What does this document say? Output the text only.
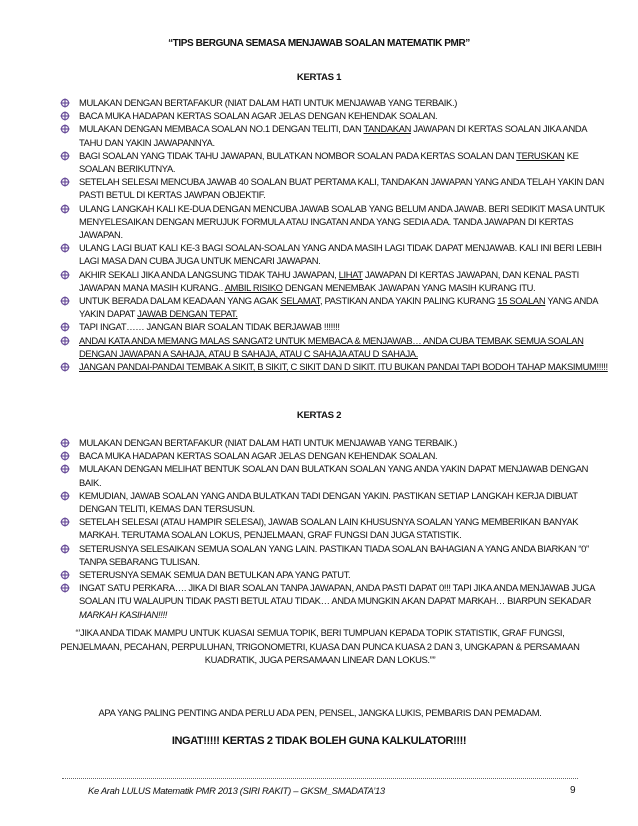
“TIPS BERGUNA SEMASA MENJAWAB SOALAN MATEMATIK PMR”
KERTAS 1
MULAKAN DENGAN BERTAFAKUR (NIAT DALAM HATI UNTUK MENJAWAB YANG TERBAIK.)
BACA MUKA HADAPAN KERTAS SOALAN AGAR JELAS DENGAN KEHENDAK SOALAN.
MULAKAN DENGAN MEMBACA SOALAN NO.1 DENGAN TELITI, DAN TANDAKAN JAWAPAN DI KERTAS SOALAN JIKA ANDA TAHU DAN YAKIN JAWAPANNYA.
BAGI SOALAN YANG TIDAK TAHU JAWAPAN, BULATKAN NOMBOR SOALAN PADA KERTAS SOALAN DAN TERUSKAN KE SOALAN BERIKUTNYA.
SETELAH SELESAI MENCUBA JAWAB 40 SOALAN BUAT PERTAMA KALI, TANDAKAN JAWAPAN YANG ANDA TELAH YAKIN DAN PASTI BETUL DI KERTAS JAWPAN OBJEKTIF.
ULANG LANGKAH KALI KE-DUA DENGAN MENCUBA JAWAB SOALAB YANG BELUM ANDA JAWAB. BERI SEDIKIT MASA UNTUK MENYELESAIKAN DENGAN MERUJUK FORMULA ATAU INGATAN ANDA YANG SEDIA ADA. TANDA JAWAPAN DI KERTAS JAWAPAN.
ULANG LAGI BUAT KALI KE-3 BAGI SOALAN-SOALAN YANG ANDA MASIH LAGI TIDAK DAPAT MENJAWAB. KALI INI BERI LEBIH LAGI MASA DAN CUBA JUGA UNTUK MENCARI JAWAPAN.
AKHIR SEKALI JIKA ANDA LANGSUNG TIDAK TAHU JAWAPAN, LIHAT JAWAPAN DI KERTAS JAWAPAN, DAN KENAL PASTI JAWAPAN MANA MASIH KURANG.. AMBIL RISIKO DENGAN MENEMBAK JAWAPAN YANG MASIH KURANG ITU.
UNTUK BERADA DALAM KEADAAN YANG AGAK SELAMAT, PASTIKAN ANDA YAKIN PALING KURANG 15 SOALAN YANG ANDA YAKIN DAPAT JAWAB DENGAN TEPAT.
TAPI INGAT…… JANGAN BIAR SOALAN TIDAK BERJAWAB !!!!!!!
ANDAI KATA ANDA MEMANG MALAS SANGAT2 UNTUK MEMBACA & MENJAWAB… ANDA CUBA TEMBAK SEMUA SOALAN DENGAN JAWAPAN A SAHAJA, ATAU B SAHAJA, ATAU C SAHAJA ATAU D SAHAJA.
JANGAN PANDAI-PANDAI TEMBAK A SIKIT, B SIKIT, C SIKIT DAN D SIKIT. ITU BUKAN PANDAI TAPI BODOH TAHAP MAKSIMUM!!!!!
KERTAS 2
MULAKAN DENGAN BERTAFAKUR (NIAT DALAM HATI UNTUK MENJAWAB YANG TERBAIK.)
BACA MUKA HADAPAN KERTAS SOALAN AGAR JELAS DENGAN KEHENDAK SOALAN.
MULAKAN DENGAN MELIHAT BENTUK SOALAN DAN BULATKAN SOALAN YANG ANDA YAKIN DAPAT MENJAWAB DENGAN BAIK.
KEMUDIAN, JAWAB SOALAN YANG ANDA BULATKAN TADI DENGAN YAKIN. PASTIKAN SETIAP LANGKAH KERJA DIBUAT DENGAN TELITI, KEMAS DAN TERSUSUN.
SETELAH SELESAI (ATAU HAMPIR SELESAI), JAWAB SOALAN LAIN KHUSUSNYA SOALAN YANG MEMBERIKAN BANYAK MARKAH. TERUTAMA SOALAN LOKUS, PENJELMAAN, GRAF FUNGSI DAN JUGA STATISTIK.
SETERUSNYA SELESAIKAN SEMUA SOALAN YANG LAIN. PASTIKAN TIADA SOALAN BAHAGIAN A YANG ANDA BIARKAN “0” TANPA SEBARANG TULISAN.
SETERUSNYA SEMAK SEMUA DAN BETULKAN APA YANG PATUT.
INGAT SATU PERKARA…. JIKA DI BIAR SOALAN TANPA JAWAPAN, ANDA PASTI DAPAT 0!!! TAPI JIKA ANDA MENJAWAB JUGA SOALAN ITU WALAUPUN TIDAK PASTI BETUL ATAU TIDAK… ANDA MUNGKIN AKAN DAPAT MARKAH… BIARPUN SEKADAR MARKAH KASIHAN!!!!
“’JIKA ANDA TIDAK MAMPU UNTUK KUASAI SEMUA TOPIK, BERI TUMPUAN KEPADA TOPIK STATISTIK, GRAF FUNGSI, PENJELMAAN, PECAHAN, PERPULUHAN, TRIGONOMETRI, KUASA DAN PUNCA KUASA 2 DAN 3, UNGKAPAN & PERSAMAAN KUADRATIK, JUGA PERSAMAAN LINEAR DAN LOKUS.””
APA YANG PALING PENTING ANDA PERLU ADA PEN, PENSEL, JANGKA LUKIS, PEMBARIS DAN PEMADAM.
INGAT!!!!! KERTAS 2 TIDAK BOLEH GUNA KALKULATOR!!!!
Ke Arah LULUS Matematik PMR 2013 (SIRI RAKIT) – GKSM_SMADATA’13	9
